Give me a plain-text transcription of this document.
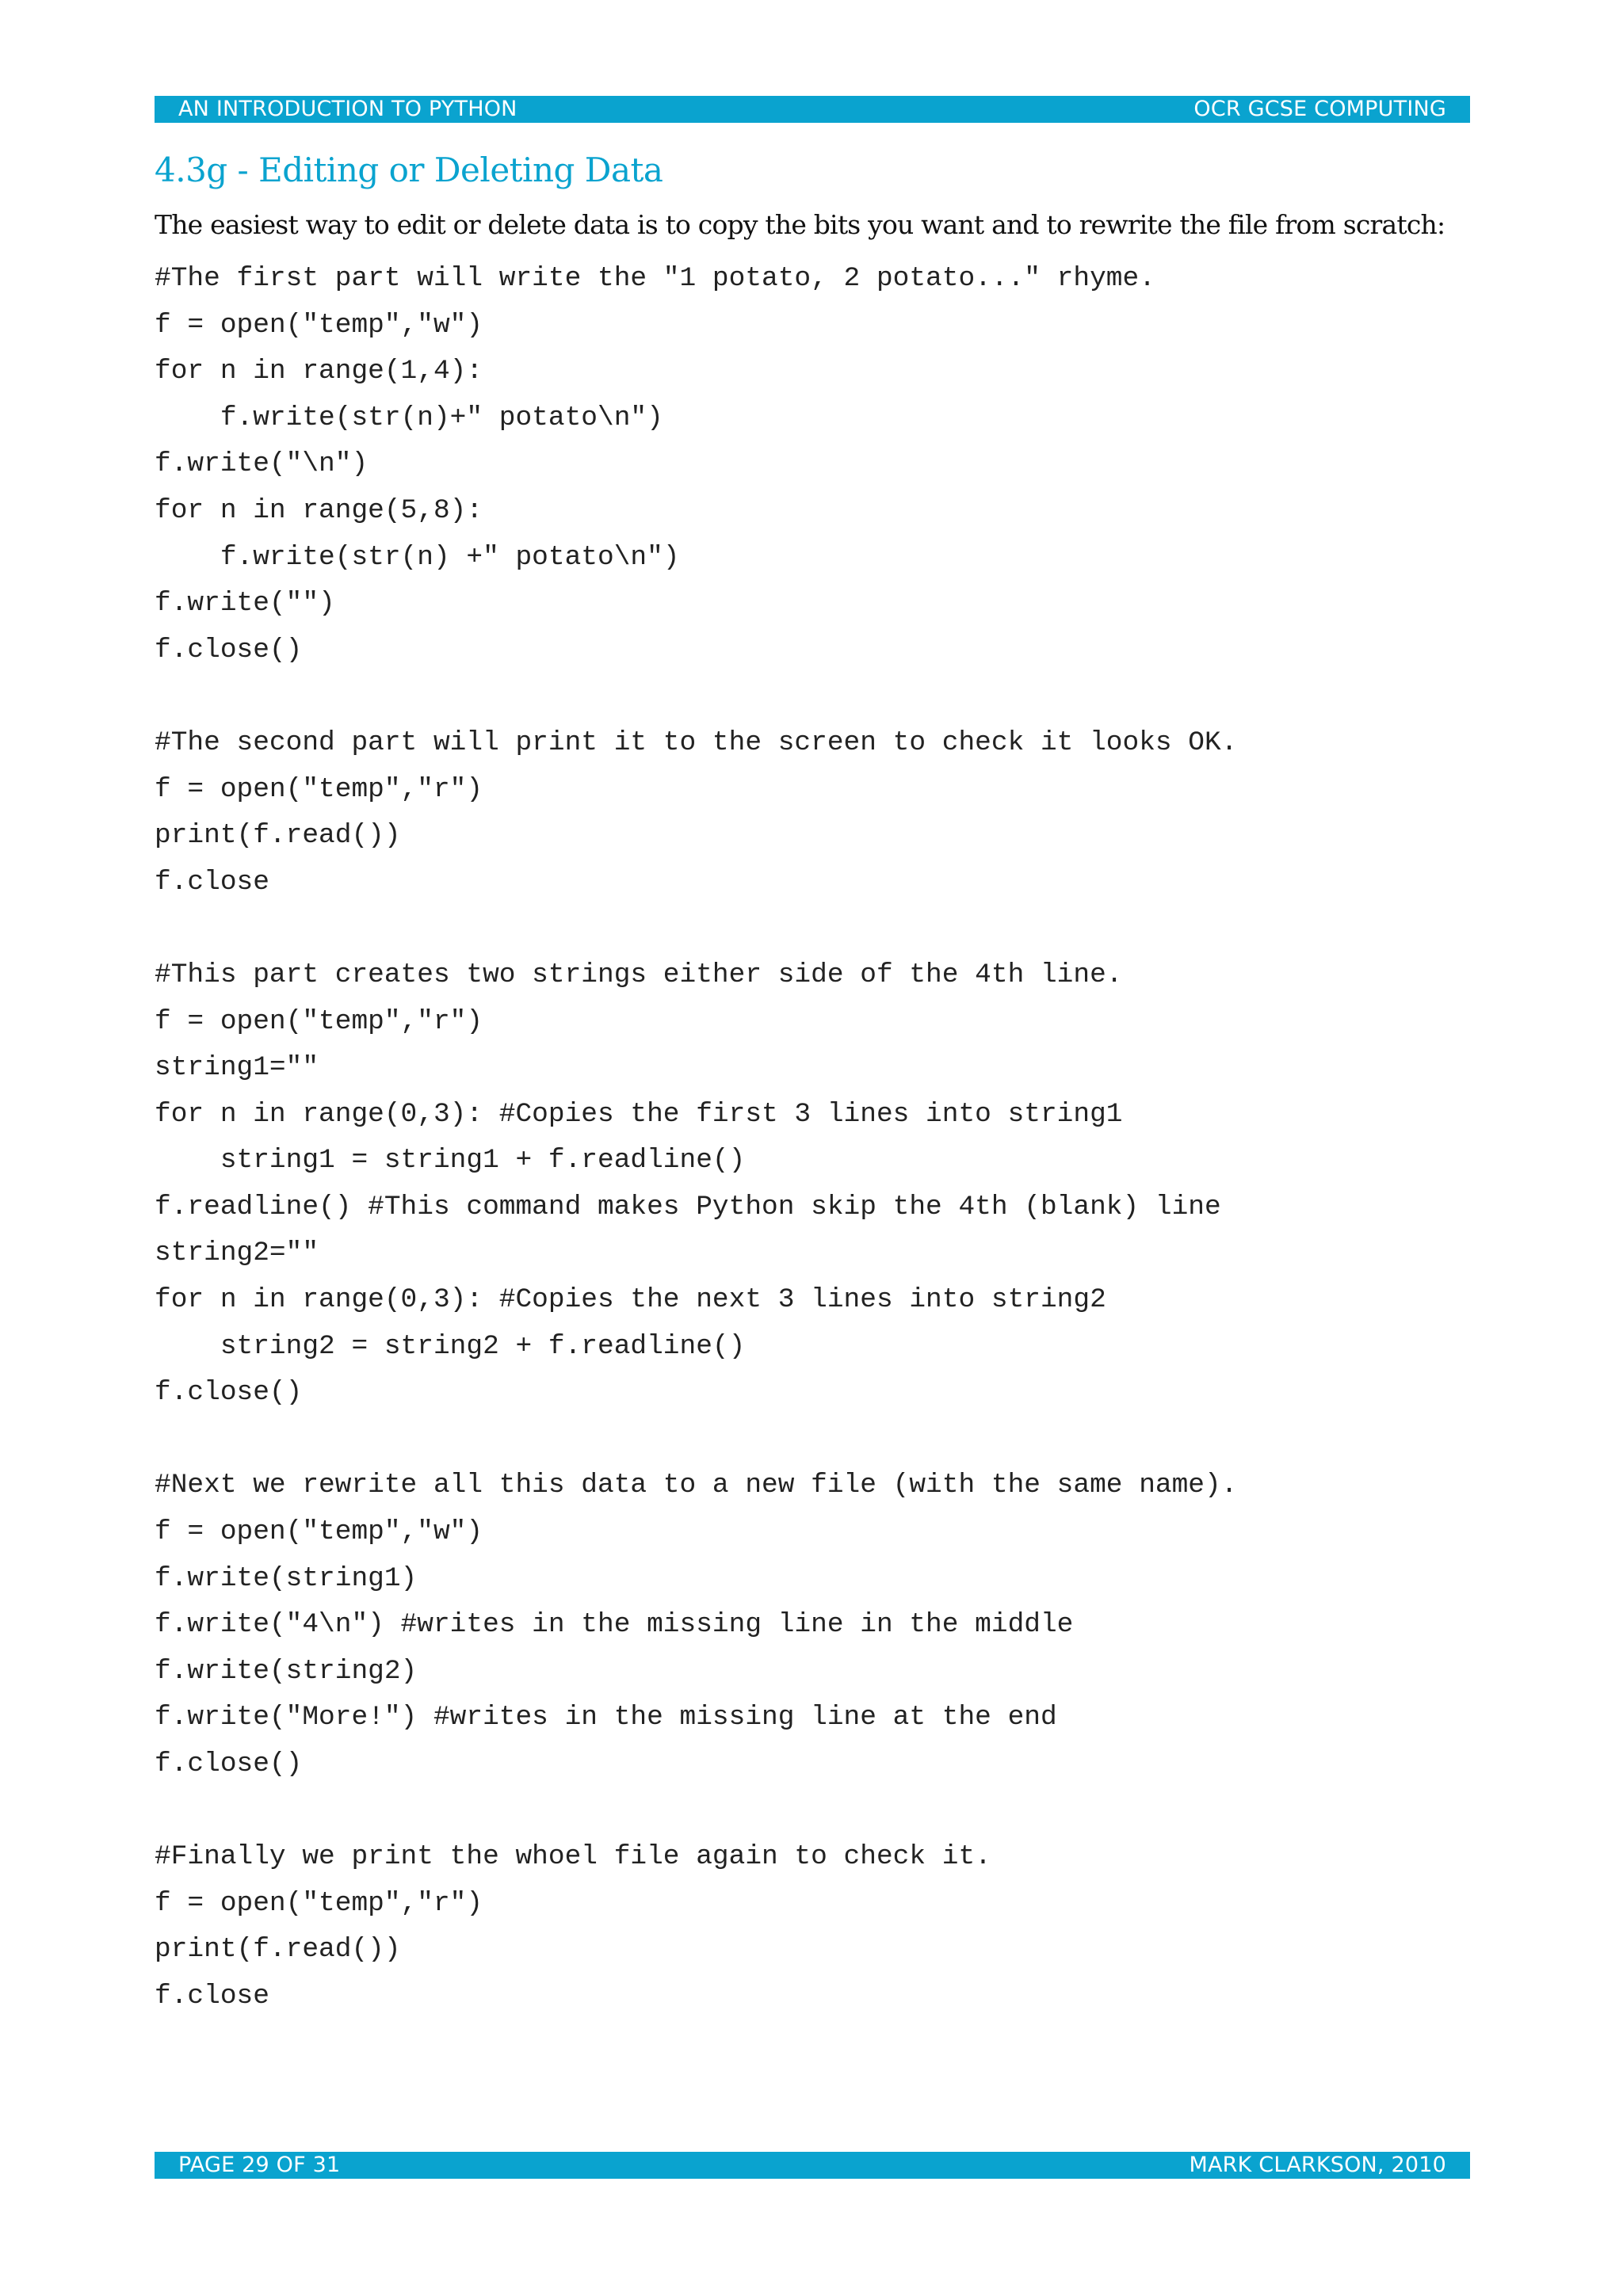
AN INTRODUCTION TO PYTHON	OCR GCSE COMPUTING
4.3g - Editing or Deleting Data
The easiest way to edit or delete data is to copy the bits you want and to rewrite the file from scratch:
#The first part will write the "1 potato, 2 potato..." rhyme.
f = open("temp","w")
for n in range(1,4):
f.write(str(n)+" potato\n")
f.write("\n")
for n in range(5,8):
f.write(str(n) +" potato\n")
f.write("")
f.close()
#The second part will print it to the screen to check it looks OK.
f = open("temp","r")
print(f.read())
f.close
#This part creates two strings either side of the 4th line.
f = open("temp","r")
string1=""
for n in range(0,3): #Copies the first 3 lines into string1
string1 = string1 + f.readline()
f.readline() #This command makes Python skip the 4th (blank) line
string2=""
for n in range(0,3): #Copies the next 3 lines into string2
string2 = string2 + f.readline()
f.close()
#Next we rewrite all this data to a new file (with the same name).
f = open("temp","w")
f.write(string1)
f.write("4\n") #writes in the missing line in the middle
f.write(string2)
f.write("More!") #writes in the missing line at the end
f.close()
#Finally we print the whoel file again to check it.
f = open("temp","r")
print(f.read())
f.close
PAGE 29 OF 31	MARK CLARKSON, 2010
